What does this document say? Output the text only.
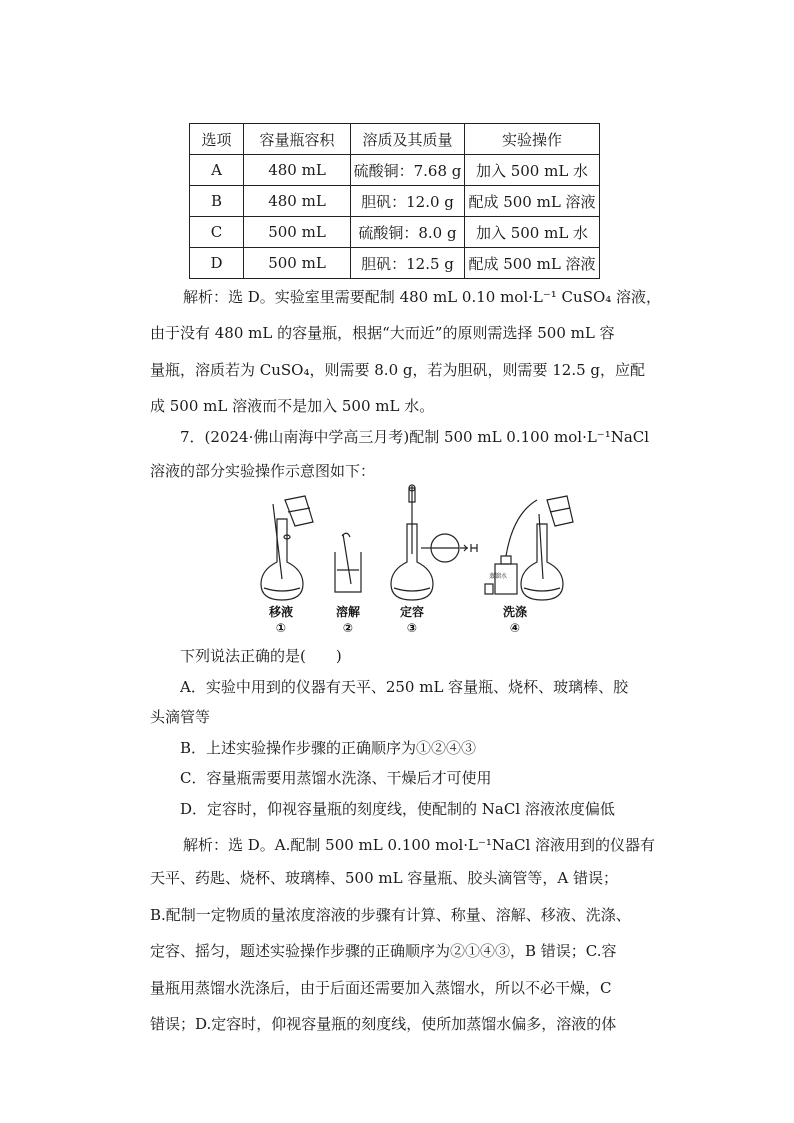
选项	容量瓶容积	溶质及其质量	实验操作
A	480 mL	硫酸铜：7.68 g	加入 500 mL 水
B	480 mL	胆矾：12.0 g	配成 500 mL 溶液
C	500 mL	硫酸铜：8.0 g	加入 500 mL 水
D	500 mL	胆矾：12.5 g	配成 500 mL 溶液
解析：选 D。实验室里需要配制 480 mL 0.10 mol·L⁻¹ CuSO₄ 溶液，
由于没有 480 mL 的容量瓶，根据“大而近”的原则需选择 500 mL 容
量瓶，溶质若为 CuSO₄，则需要 8.0 g，若为胆矾，则需要 12.5 g，应配
成 500 mL 溶液而不是加入 500 mL 水。
7．(2024·佛山南海中学高三月考)配制 500 mL 0.100 mol·L⁻¹NaCl
溶液的部分实验操作示意图如下：
蒸馏水
移液	溶解	定容	洗涤
①	②	③	④
下列说法正确的是(　　)
A．实验中用到的仪器有天平、250 mL 容量瓶、烧杯、玻璃棒、胶
头滴管等
B．上述实验操作步骤的正确顺序为①②④③
C．容量瓶需要用蒸馏水洗涤、干燥后才可使用
D．定容时，仰视容量瓶的刻度线，使配制的 NaCl 溶液浓度偏低
解析：选 D。A.配制 500 mL 0.100 mol·L⁻¹NaCl 溶液用到的仪器有
天平、药匙、烧杯、玻璃棒、500 mL 容量瓶、胶头滴管等，A 错误；
B.配制一定物质的量浓度溶液的步骤有计算、称量、溶解、移液、洗涤、
定容、摇匀，题述实验操作步骤的正确顺序为②①④③，B 错误；C.容
量瓶用蒸馏水洗涤后，由于后面还需要加入蒸馏水，所以不必干燥，C
错误；D.定容时，仰视容量瓶的刻度线，使所加蒸馏水偏多，溶液的体
